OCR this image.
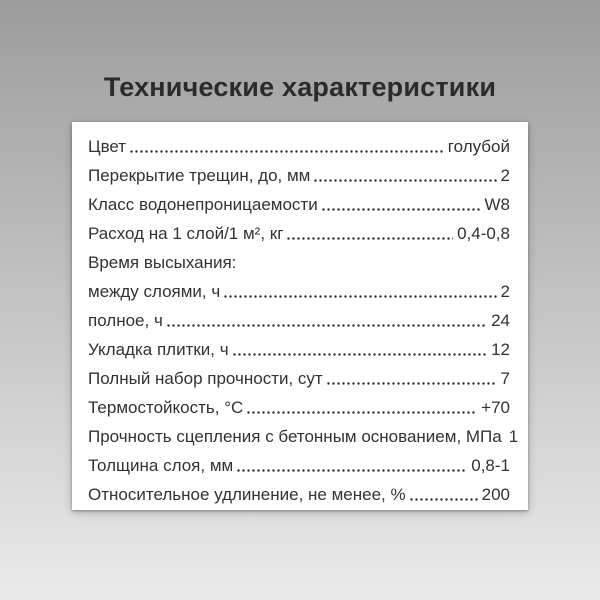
Технические характеристики
Цвет	голубой
Перекрытие трещин, до, мм	2
Класс водонепроницаемости	W8
Расход на 1 слой/1 м², кг	0,4-0,8
Время высыхания:
между слоями, ч	2
полное, ч	24
Укладка плитки, ч	12
Полный набор прочности, сут	7
Термостойкость, °С	+70
Прочность сцепления с бетонным основанием, МПа 1
Толщина слоя, мм	0,8-1
Относительное удлинение, не менее, %	200
